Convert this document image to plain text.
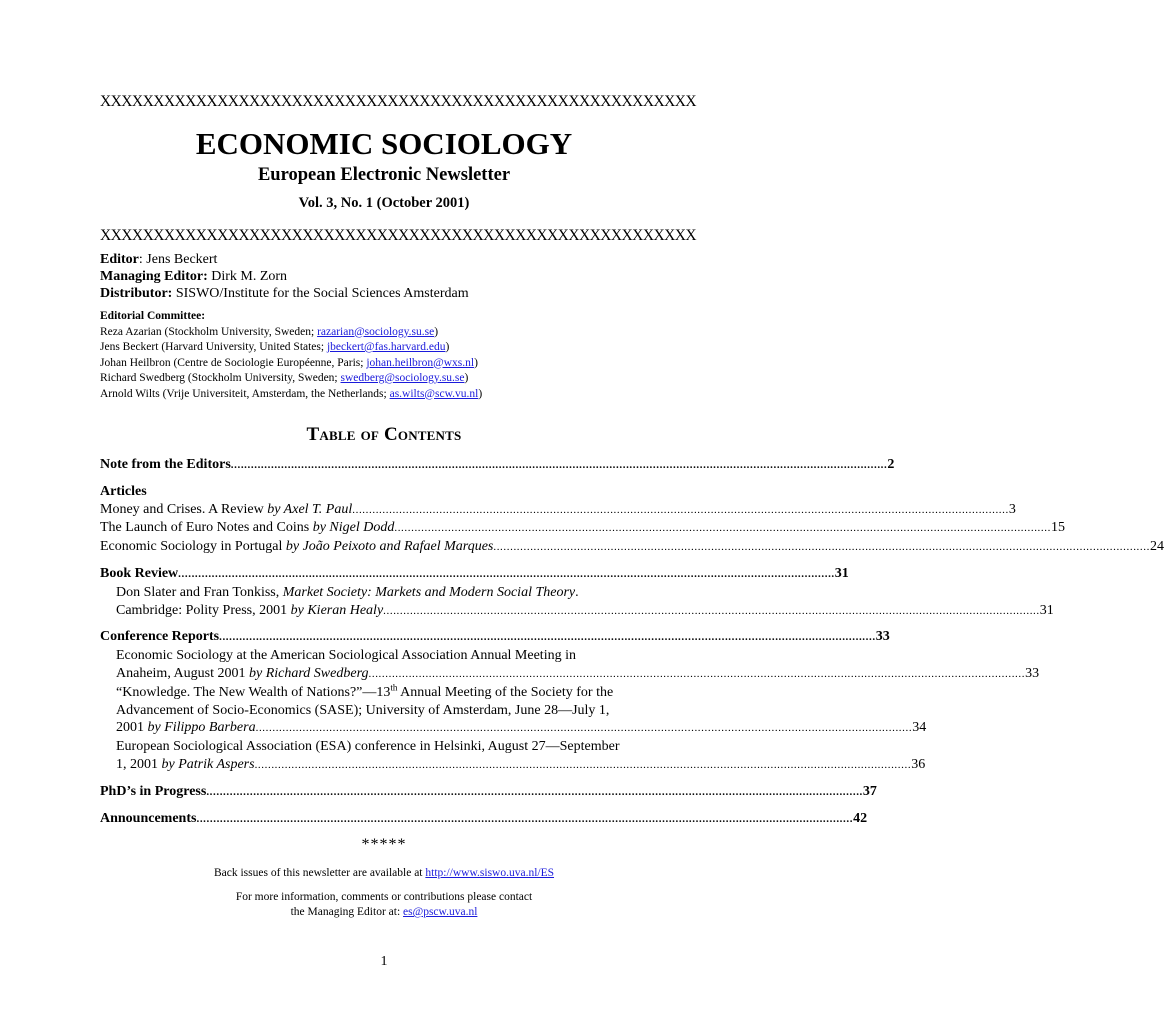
XXXXXXXXXXXXXXXXXXXXXXXXXXXXXXXXXXXXXXXXXXXXXXXXXXXXXXXX
ECONOMIC SOCIOLOGY
European Electronic Newsletter
Vol. 3, No. 1 (October 2001)
XXXXXXXXXXXXXXXXXXXXXXXXXXXXXXXXXXXXXXXXXXXXXXXXXXXXXXXX
Editor: Jens Beckert
Managing Editor: Dirk M. Zorn
Distributor: SISWO/Institute for the Social Sciences Amsterdam
Editorial Committee:
Reza Azarian (Stockholm University, Sweden; razarian@sociology.su.se)
Jens Beckert (Harvard University, United States; jbeckert@fas.harvard.edu)
Johan Heilbron (Centre de Sociologie Européenne, Paris; johan.heilbron@wxs.nl)
Richard Swedberg (Stockholm University, Sweden; swedberg@sociology.su.se)
Arnold Wilts (Vrije Universiteit, Amsterdam, the Netherlands; as.wilts@scw.vu.nl)
Table of Contents
Note from the Editors .................................................................................................................................................................................................... 2
Articles
Money and Crises. A Review by Axel T. Paul .................................................................................................................................................................................................... 3
The Launch of Euro Notes and Coins by Nigel Dodd .................................................................................................................................................................................................... 15
Economic Sociology in Portugal by João Peixoto and Rafael Marques .................................................................................................................................................................................................... 24
Book Review .................................................................................................................................................................................................... 31
Don Slater and Fran Tonkiss, Market Society: Markets and Modern Social Theory.
Cambridge: Polity Press, 2001 by Kieran Healy .................................................................................................................................................................................................... 31
Conference Reports .................................................................................................................................................................................................... 33
Economic Sociology at the American Sociological Association Annual Meeting in
Anaheim, August 2001 by Richard Swedberg .................................................................................................................................................................................................... 33
“Knowledge. The New Wealth of Nations?”—13th Annual Meeting of the Society for the
Advancement of Socio-Economics (SASE); University of Amsterdam, June 28—July 1,
2001 by Filippo Barbera .................................................................................................................................................................................................... 34
European Sociological Association (ESA) conference in Helsinki, August 27—September
1, 2001 by Patrik Aspers .................................................................................................................................................................................................... 36
PhD’s in Progress .................................................................................................................................................................................................... 37
Announcements .................................................................................................................................................................................................... 42
*****
Back issues of this newsletter are available at http://www.siswo.uva.nl/ES
For more information, comments or contributions please contact
the Managing Editor at: es@pscw.uva.nl
1
